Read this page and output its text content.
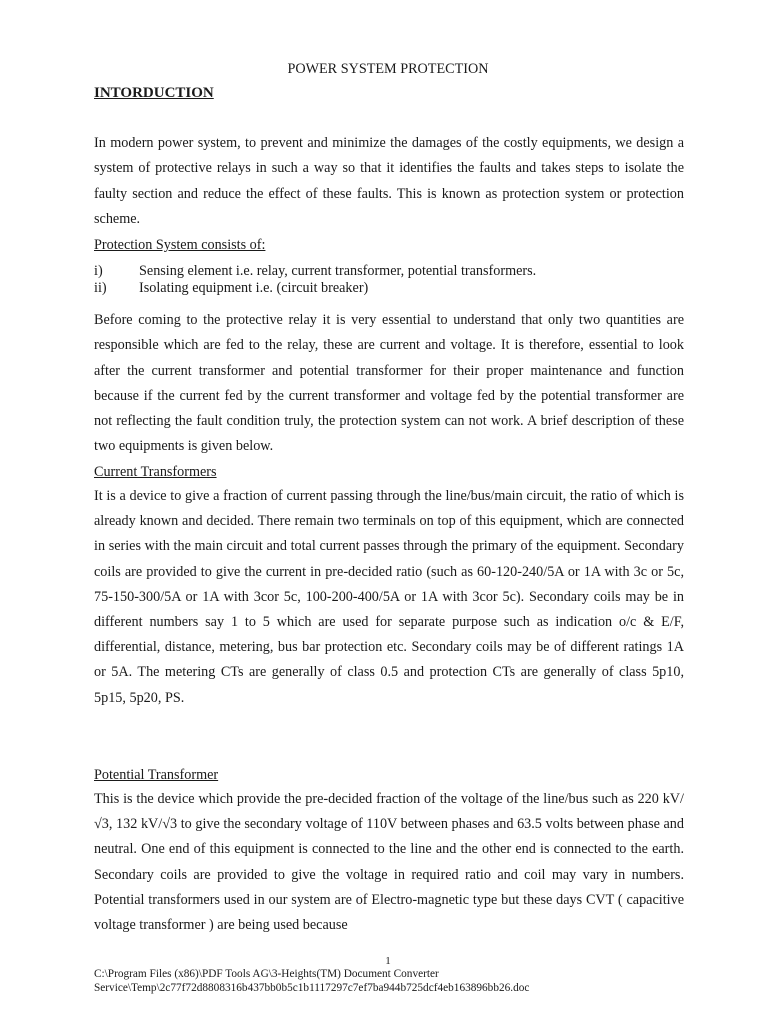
POWER SYSTEM PROTECTION
INTORDUCTION

In modern power system, to prevent and minimize the damages of the costly equipments, we design a system of protective relays in such a way so that it identifies the faults and takes steps to isolate the faulty section and reduce the effect of these faults. This is known as protection system or protection scheme.

Protection System consists of:
i)	Sensing element i.e. relay, current transformer, potential transformers.
ii) Isolating equipment i.e. (circuit breaker)

Before coming to the protective relay it is very essential to understand that only two quantities are responsible which are fed to the relay, these are current and voltage. It is therefore, essential to look after the current transformer and potential transformer for their proper maintenance and function because if the current fed by the current transformer and voltage fed by the potential transformer are not reflecting the fault condition truly, the protection system can not work. A brief description of these two equipments is given below.

Current Transformers

It is a device to give a fraction of current passing through the line/bus/main circuit, the ratio of which is already known and decided. There remain two terminals on top of this equipment, which are connected in series with the main circuit and total current passes through the primary of the equipment. Secondary coils are provided to give the current in pre-decided ratio (such as 60-120-240/5A or 1A with 3c or 5c, 75-150-300/5A or 1A with 3cor 5c, 100-200-400/5A or 1A with 3cor 5c). Secondary coils may be in different numbers say 1 to 5 which are used for separate purpose such as indication o/c & E/F, differential, distance, metering, bus bar protection etc. Secondary coils may be of different ratings 1A or 5A. The metering CTs are generally of class 0.5 and protection CTs are generally of class 5p10, 5p15, 5p20, PS.

Potential Transformer

This is the device which provide the pre-decided fraction of the voltage of the line/bus such as 220 kV/√3, 132 kV/√3 to give the secondary voltage of 110V between phases and 63.5 volts between phase and neutral. One end of this equipment is connected to the line and the other end is connected to the earth. Secondary coils are provided to give the voltage in required ratio and coil may vary in numbers. Potential transformers used in our system are of Electro-magnetic type but these days CVT ( capacitive voltage transformer ) are being used because

1
C:\Program Files (x86)\PDF Tools AG\3-Heights(TM) Document Converter
Service\Temp\2c77f72d8808316b437bb0b5c1b1117297c7ef7ba944b725dcf4eb163896bb26.doc
